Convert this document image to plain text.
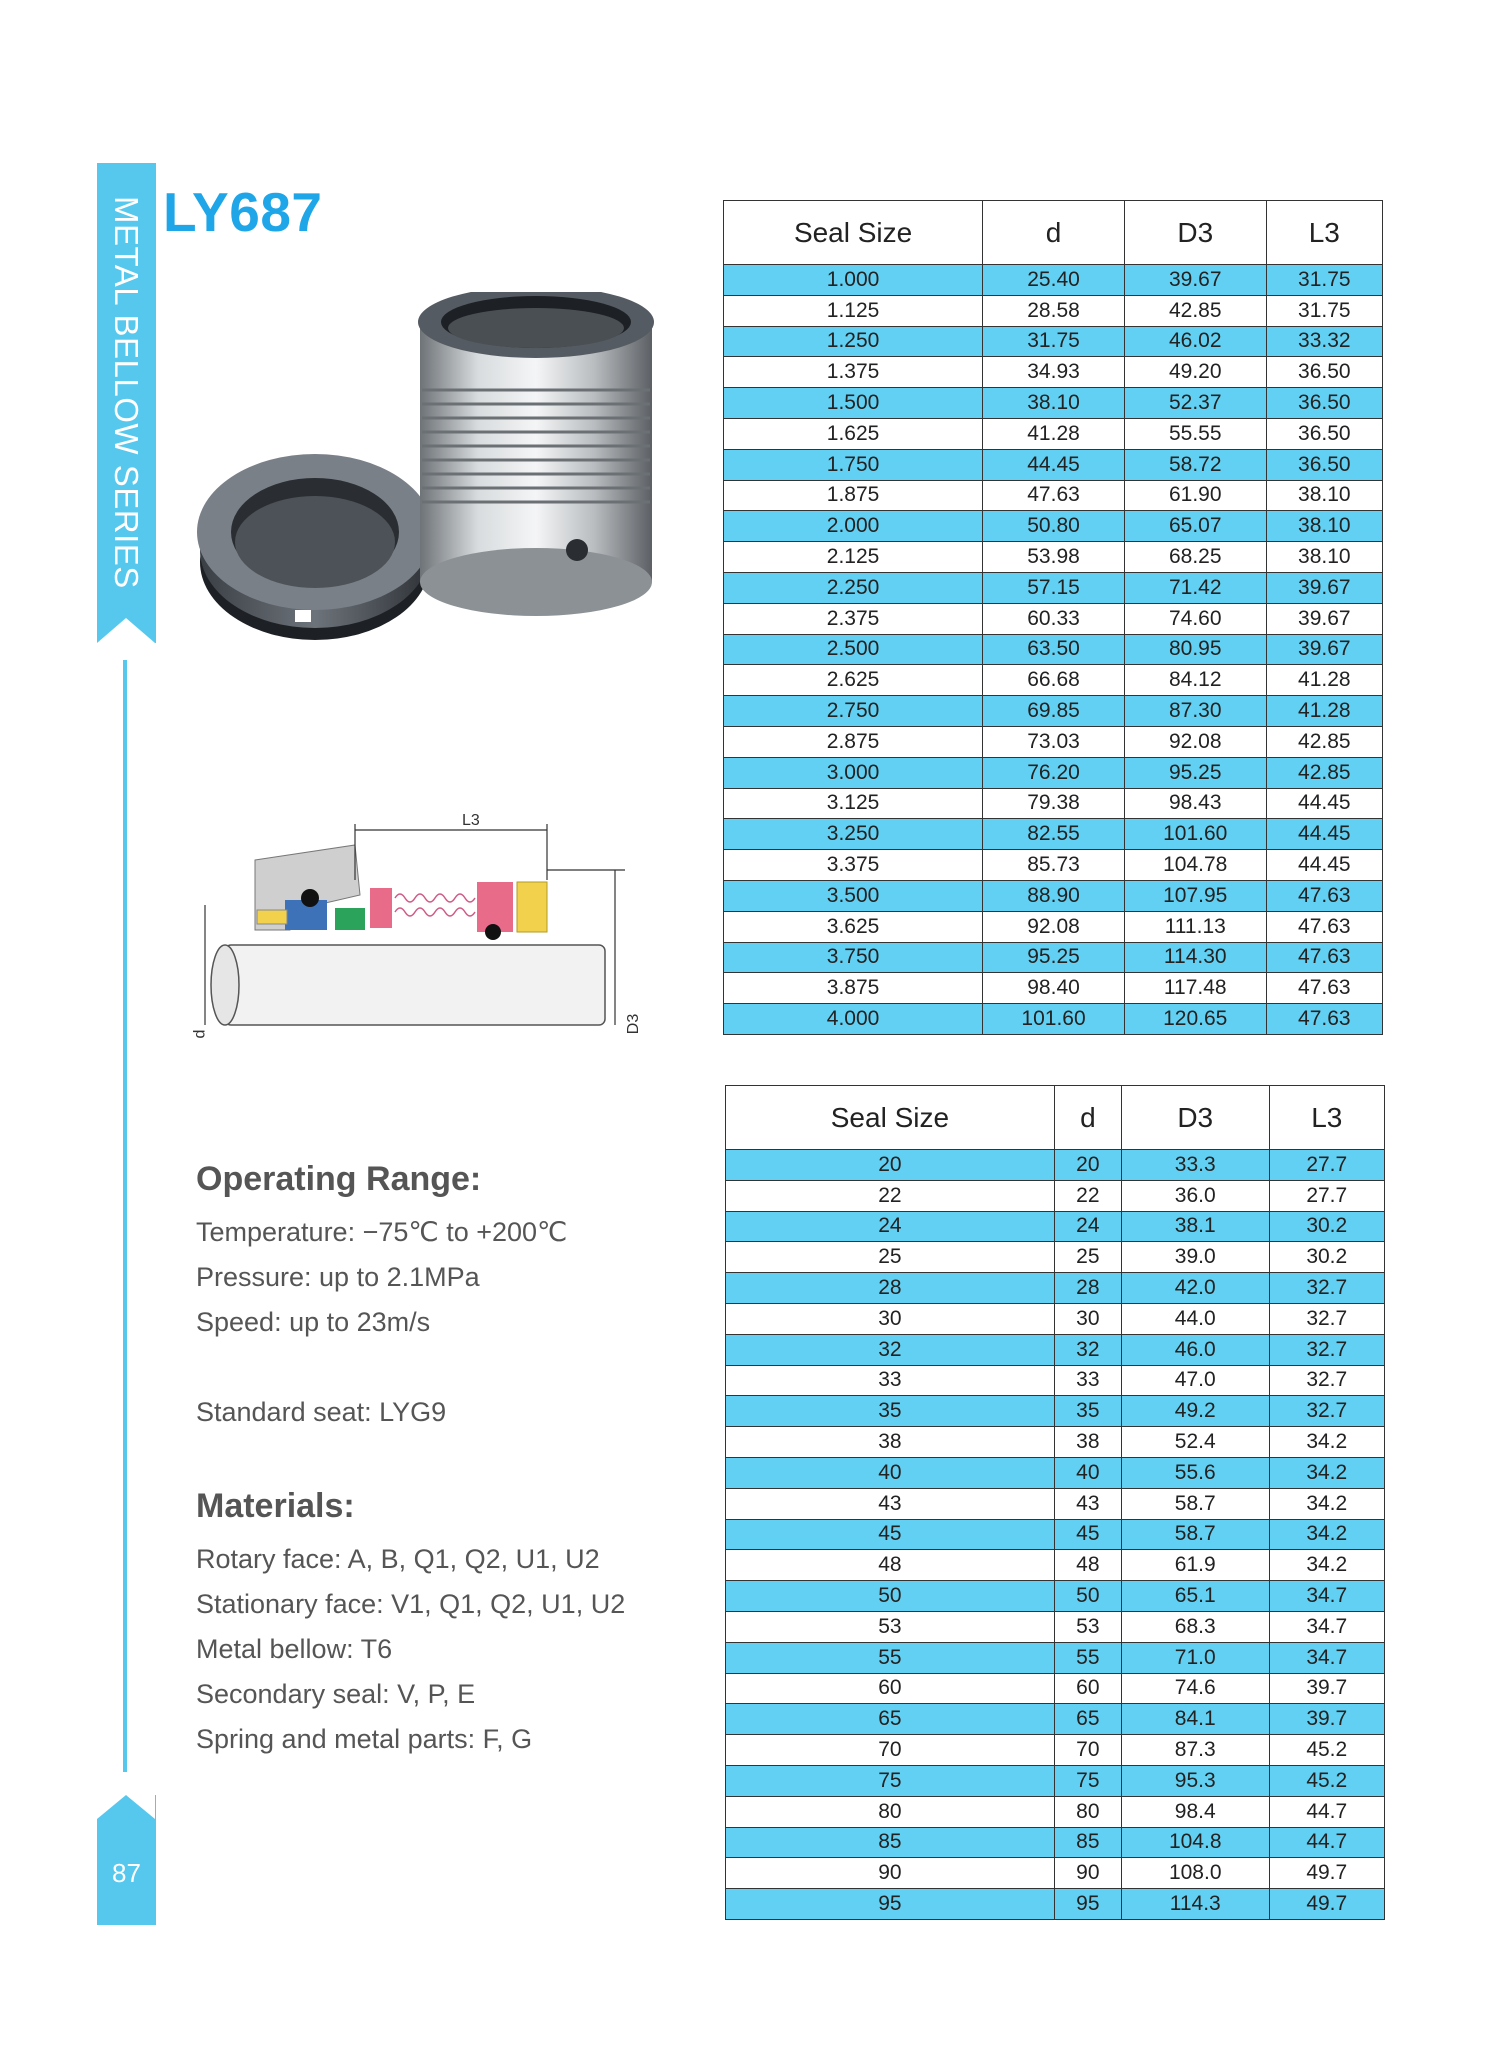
METAL BELLOW SERIES
87
LY687
L3
d	D3
Operating Range:
Temperature: −75℃ to +200℃
Pressure: up to 2.1MPa
Speed: up to 23m/s
Standard seat: LYG9
Materials:
Rotary face: A, B, Q1, Q2, U1, U2
Stationary face: V1, Q1, Q2, U1, U2
Metal bellow: T6
Secondary seal: V, P, E
Spring and metal parts: F, G
Seal Size	d	D3	L3
1.000	25.40	39.67	31.75
1.125	28.58	42.85	31.75
1.250	31.75	46.02	33.32
1.375	34.93	49.20	36.50
1.500	38.10	52.37	36.50
1.625	41.28	55.55	36.50
1.750	44.45	58.72	36.50
1.875	47.63	61.90	38.10
2.000	50.80	65.07	38.10
2.125	53.98	68.25	38.10
2.250	57.15	71.42	39.67
2.375	60.33	74.60	39.67
2.500	63.50	80.95	39.67
2.625	66.68	84.12	41.28
2.750	69.85	87.30	41.28
2.875	73.03	92.08	42.85
3.000	76.20	95.25	42.85
3.125	79.38	98.43	44.45
3.250	82.55	101.60	44.45
3.375	85.73	104.78	44.45
3.500	88.90	107.95	47.63
3.625	92.08	111.13	47.63
3.750	95.25	114.30	47.63
3.875	98.40	117.48	47.63
4.000	101.60	120.65	47.63
Seal Size	d	D3	L3
20	20	33.3	27.7
22	22	36.0	27.7
24	24	38.1	30.2
25	25	39.0	30.2
28	28	42.0	32.7
30	30	44.0	32.7
32	32	46.0	32.7
33	33	47.0	32.7
35	35	49.2	32.7
38	38	52.4	34.2
40	40	55.6	34.2
43	43	58.7	34.2
45	45	58.7	34.2
48	48	61.9	34.2
50	50	65.1	34.7
53	53	68.3	34.7
55	55	71.0	34.7
60	60	74.6	39.7
65	65	84.1	39.7
70	70	87.3	45.2
75	75	95.3	45.2
80	80	98.4	44.7
85	85	104.8	44.7
90	90	108.0	49.7
95	95	114.3	49.7
